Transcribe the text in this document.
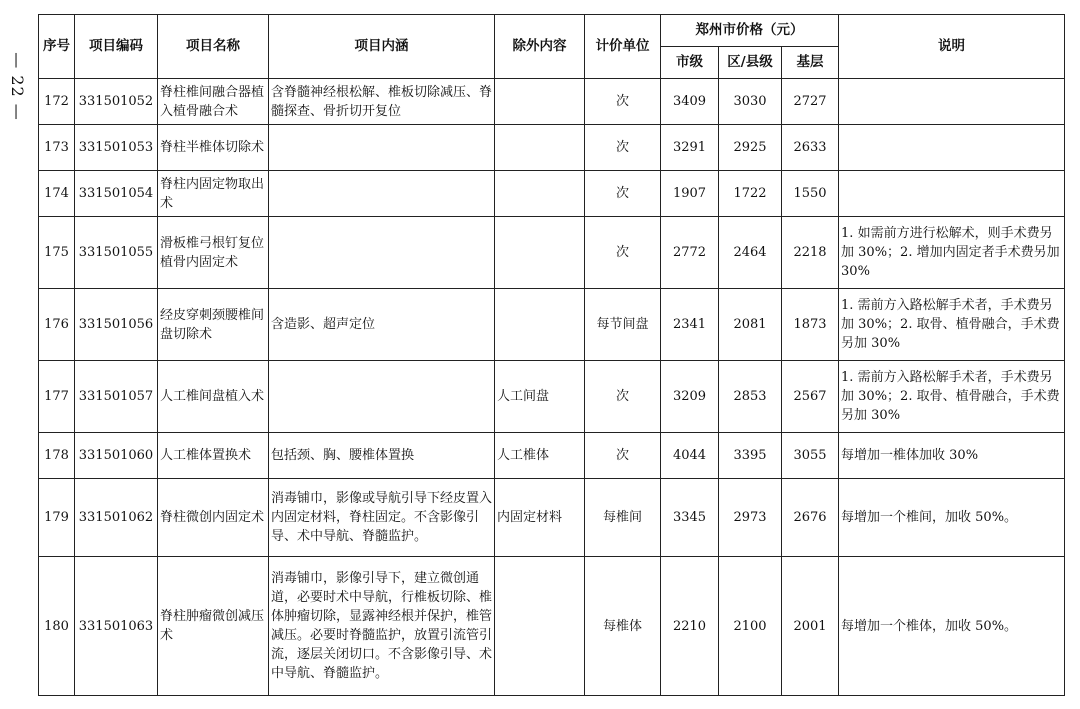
— 22 —
序号	项目编码	项目名称	项目内涵	除外内容	计价单位	郑州市价格（元）			说明
						市级	区/县级	基层	
172	331501052	脊柱椎间融合器植入植骨融合术	含脊髓神经根松解、椎板切除减压、脊髓探查、骨折切开复位		次	3409	3030	2727	
173	331501053	脊柱半椎体切除术			次	3291	2925	2633	
174	331501054	脊柱内固定物取出术			次	1907	1722	1550	
175	331501055	滑板椎弓根钉复位植骨内固定术			次	2772	2464	2218	1. 如需前方进行松解术，则手术费另加 30%；2. 增加内固定者手术费另加30%
176	331501056	经皮穿刺颈腰椎间盘切除术	含造影、超声定位		每节间盘	2341	2081	1873	1. 需前方入路松解手术者，手术费另加 30%；2. 取骨、植骨融合，手术费另加 30%
177	331501057	人工椎间盘植入术		人工间盘	次	3209	2853	2567	1. 需前方入路松解手术者，手术费另加 30%；2. 取骨、植骨融合，手术费另加 30%
178	331501060	人工椎体置换术	包括颈、胸、腰椎体置换	人工椎体	次	4044	3395	3055	每增加一椎体加收 30%
179	331501062	脊柱微创内固定术	消毒铺巾，影像或导航引导下经皮置入内固定材料，脊柱固定。不含影像引导、术中导航、脊髓监护。	内固定材料	每椎间	3345	2973	2676	每增加一个椎间，加收 50%。
180	331501063	脊柱肿瘤微创减压术	消毒铺巾，影像引导下，建立微创通道，必要时术中导航，行椎板切除、椎体肿瘤切除，显露神经根并保护，椎管减压。必要时脊髓监护，放置引流管引流，逐层关闭切口。不含影像引导、术中导航、脊髓监护。		每椎体	2210	2100	2001	每增加一个椎体，加收 50%。
